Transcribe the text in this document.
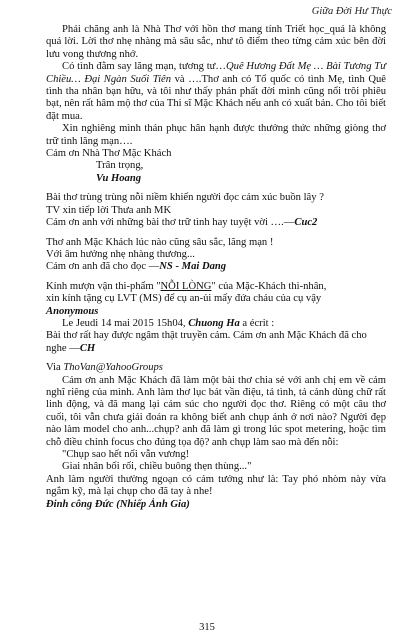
Giữa Đời Hư Thực

Phải chăng anh là Nhà Thơ với hồn thơ mang tính Triết học_quá là không quá lời. Lời thơ nhẹ nhàng mà sâu sắc, như tô điểm theo từng cảm xúc bên đời lưu vong thương nhớ.

Có tình đằm say lăng mạn, tương tư…Quê Hương Đất Mẹ … Bài Tương Tư Chiều… Đại Ngàn Suối Tiên và ….Thơ anh có Tổ quốc có tình Mẹ, tình Quê tình tha nhân bạn hữu, và tôi như thấy phản phất đời mình cũng nổi trôi phiêu bạt, nên rất hâm mộ thơ của Thi sĩ Mặc Khách nếu anh có xuất bản. Cho tôi biết đặt mua.

Xin nghiêng mình thán phục hân hạnh được thưởng thức những giòng thơ trữ tình lăng mạn….

Cám ơn Nhà Thơ Mặc Khách

Trân trọng,

Vu Hoang

Bài thơ trùng trùng nỗi niềm khiến người đọc cảm xúc buồn lây ?

TV xin tiếp lời Thưa anh MK

Cám ơn anh với những bài thơ trữ tình hay tuyệt vời ….—Cuc2

Thơ anh Mặc Khách lúc nào cũng sâu sắc, lãng mạn !

Với âm hưởng nhẹ nhàng thương...

Cám ơn anh đã cho đọc —NS - Mai Dang

Kính mượn vận thi-phẩm "NỖI LÒNG" của Mặc-Khách thi-nhân,

xin kính tặng cụ LVT (MS) để cụ an-ủi mấy đứa cháu của cụ vậy

Anonymous

Le Jeudi 14 mai 2015 15h04, Chuong Ha a écrit :

Bài thơ rất hay được ngâm thật truyền cảm. Cám ơn anh Mặc Khách đã cho nghe —CH

Via ThoVan@YahooGroups

Cám ơn anh Mặc Khách đã làm một bài thơ chia sẻ với anh chị em về cảm nghĩ riêng của mình. Anh làm thơ lục bát vần điệu, tả tình, tả cảnh dùng chữ rất linh động, và đã mang lại cảm súc cho người đọc thơ. Riêng có một câu thơ cuối, tôi vẫn chưa giải đoán ra không biết anh chụp ảnh ở nơi nào? Người đẹp nào làm model cho anh...chụp? anh đã làm gì trong lúc spot metering, hoặc tìm chỗ điều chỉnh focus cho đúng tọa độ? anh chụp làm sao mà đến nỗi:

"Chụp sao hết nổi vẫn vương!

Giai nhân bối rối, chiều buông thẹn thùng..."

Anh làm người thường ngoạn có cảm tưởng như là: Tay phó nhòm này vừa ngắm kỹ, mà lại chụp cho đã tay à nhe!

Đinh công Đức (Nhiếp Ảnh Gia)

315
